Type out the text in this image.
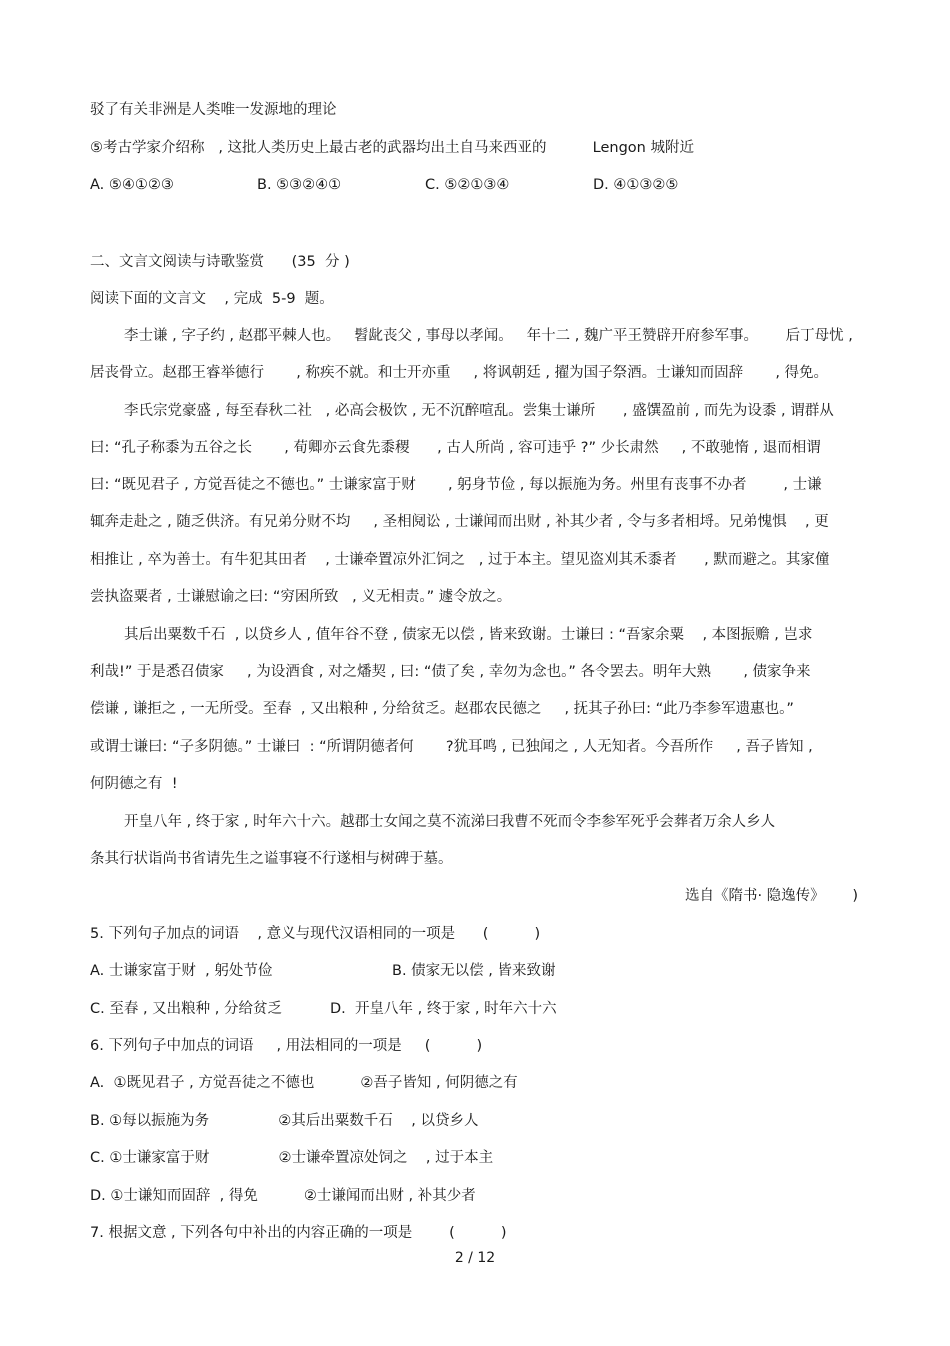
驳了有关非洲是人类唯一发源地的理论
⑤考古学家介绍称   , 这批人类历史上最古老的武器均出土自马来西亚的          Lengon 城附近
A. ⑤④①②③	B. ⑤③②④①	C. ⑤②①③④	D. ④①③②⑤
二、文言文阅读与诗歌鉴赏      (35  分 )
阅读下面的文言文    , 完成  5-9  题。
李士谦 , 字子约 , 赵郡平棘人也。   髫龀丧父 , 事母以孝闻。   年十二 , 魏广平王赞辟开府参军事。      后丁母忧 ,
居丧骨立。赵郡王睿举德行       , 称疾不就。和士开亦重     , 将讽朝廷 , 擢为国子祭酒。士谦知而固辞       , 得免。
李氏宗党豪盛 , 每至春秋二社   , 必高会极饮 , 无不沉醉喧乱。尝集士谦所      , 盛馔盈前 , 而先为设黍 , 谓群从
曰: “孔子称黍为五谷之长       , 荀卿亦云食先黍稷      , 古人所尚 , 容可违乎 ?” 少长肃然     , 不敢驰惰 , 退而相谓
曰: “既见君子 , 方觉吾徒之不德也。” 士谦家富于财       , 躬身节俭 , 每以振施为务。州里有丧事不办者        , 士谦
辄奔走赴之 , 随乏供济。有兄弟分财不均     , 圣相阋讼 , 士谦闻而出财 , 补其少者 , 令与多者相埒。兄弟愧惧    , 更
相推让 , 卒为善士。有牛犯其田者    , 士谦牵置凉外汇饲之   , 过于本主。望见盗刈其禾黍者      , 默而避之。其家僮
尝执盗粟者 , 士谦慰谕之曰: “穷困所致   , 义无相责。” 遽令放之。
其后出粟数千石  , 以贷乡人 , 值年谷不登 , 债家无以偿 , 皆来致谢。士谦曰 : “吾家余粟    , 本图振赡 , 岂求
利哉!” 于是悉召债家     , 为设酒食 , 对之燔契 , 曰: “债了矣 , 幸勿为念也。” 各令罢去。明年大熟       , 债家争来
偿谦 , 谦拒之 , 一无所受。至春  , 又出粮种 , 分给贫乏。赵郡农民德之     , 抚其子孙曰: “此乃李参军遗惠也。”
或谓士谦曰: “子多阴德。” 士谦曰  : “所谓阴德者何       ?犹耳鸣 , 已独闻之 , 人无知者。今吾所作     , 吾子皆知 ,
何阴德之有  !
开皇八年 , 终于家 , 时年六十六。越郡士女闻之莫不流涕曰我曹不死而令李参军死乎会葬者万余人乡人
条其行状诣尚书省请先生之谥事寝不行遂相与树碑于墓。
选自《隋书· 隐逸传》      )
5. 下列句子加点的词语    , 意义与现代汉语相同的一项是      (          )
A. 士谦家富于财  , 躬处节俭	B. 债家无以偿 , 皆来致谢
C. 至春 , 又出粮种 , 分给贫乏	D.  开皇八年 , 终于家 , 时年六十六
6. 下列句子中加点的词语     , 用法相同的一项是     (          )
A.  ①既见君子 , 方觉吾徒之不德也          ②吾子皆知 , 何阴德之有
B. ①每以振施为务               ②其后出粟数千石    , 以贷乡人
C. ①士谦家富于财               ②士谦牵置凉处饲之    , 过于本主
D. ①士谦知而固辞  , 得免          ②士谦闻而出财 , 补其少者
7. 根据文意 , 下列各句中补出的内容正确的一项是        (          )
2 / 12
